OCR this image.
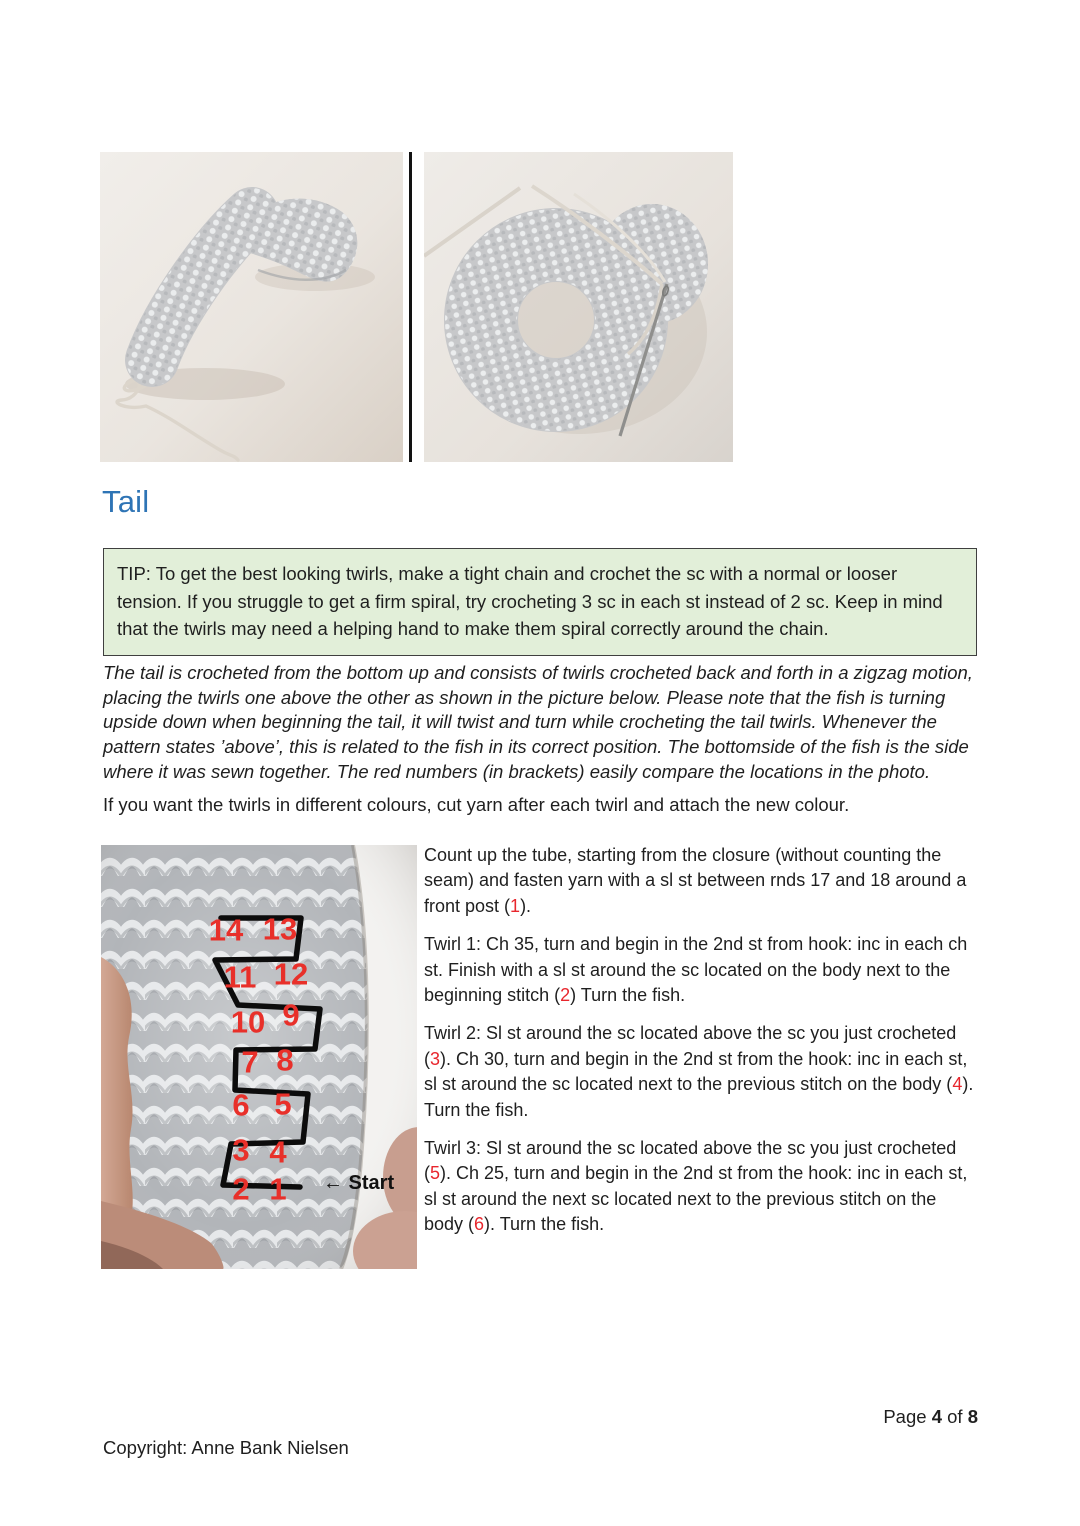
Tail
TIP: To get the best looking twirls, make a tight chain and crochet the sc with a normal or looser tension. If you struggle to get a firm spiral, try crocheting 3 sc in each st instead of 2 sc. Keep in mind that the twirls may need a helping hand to make them spiral correctly around the chain.

The tail is crocheted from the bottom up and consists of twirls crocheted back and forth in a zigzag motion, placing the twirls one above the other as shown in the picture below. Please note that the fish is turning upside down when beginning the tail, it will twist and turn while crocheting the tail twirls. Whenever the pattern states ’above’, this is related to the fish in its correct position. The bottomside of the fish is the side where it was sewn together. The red numbers (in brackets) easily compare the locations in the photo.

If you want the twirls in different colours, cut yarn after each twirl and attach the new colour.

14 13
11 12
10 9
7 8
6 5
3 4
2 1 ← Start

Count up the tube, starting from the closure (without counting the seam) and fasten yarn with a sl st between rnds 17 and 18 around a front post (1).

Twirl 1: Ch 35, turn and begin in the 2nd st from hook: inc in each ch st. Finish with a sl st around the sc located on the body next to the beginning stitch (2) Turn the fish.

Twirl 2: Sl st around the sc located above the sc you just crocheted (3). Ch 30, turn and begin in the 2nd st from the hook: inc in each st, sl st around the sc located next to the previous stitch on the body (4). Turn the fish.

Twirl 3: Sl st around the sc located above the sc you just crocheted (5). Ch 25, turn and begin in the 2nd st from the hook: inc in each st, sl st around the next sc located next to the previous stitch on the body (6). Turn the fish.

Page 4 of 8
Copyright: Anne Bank Nielsen
